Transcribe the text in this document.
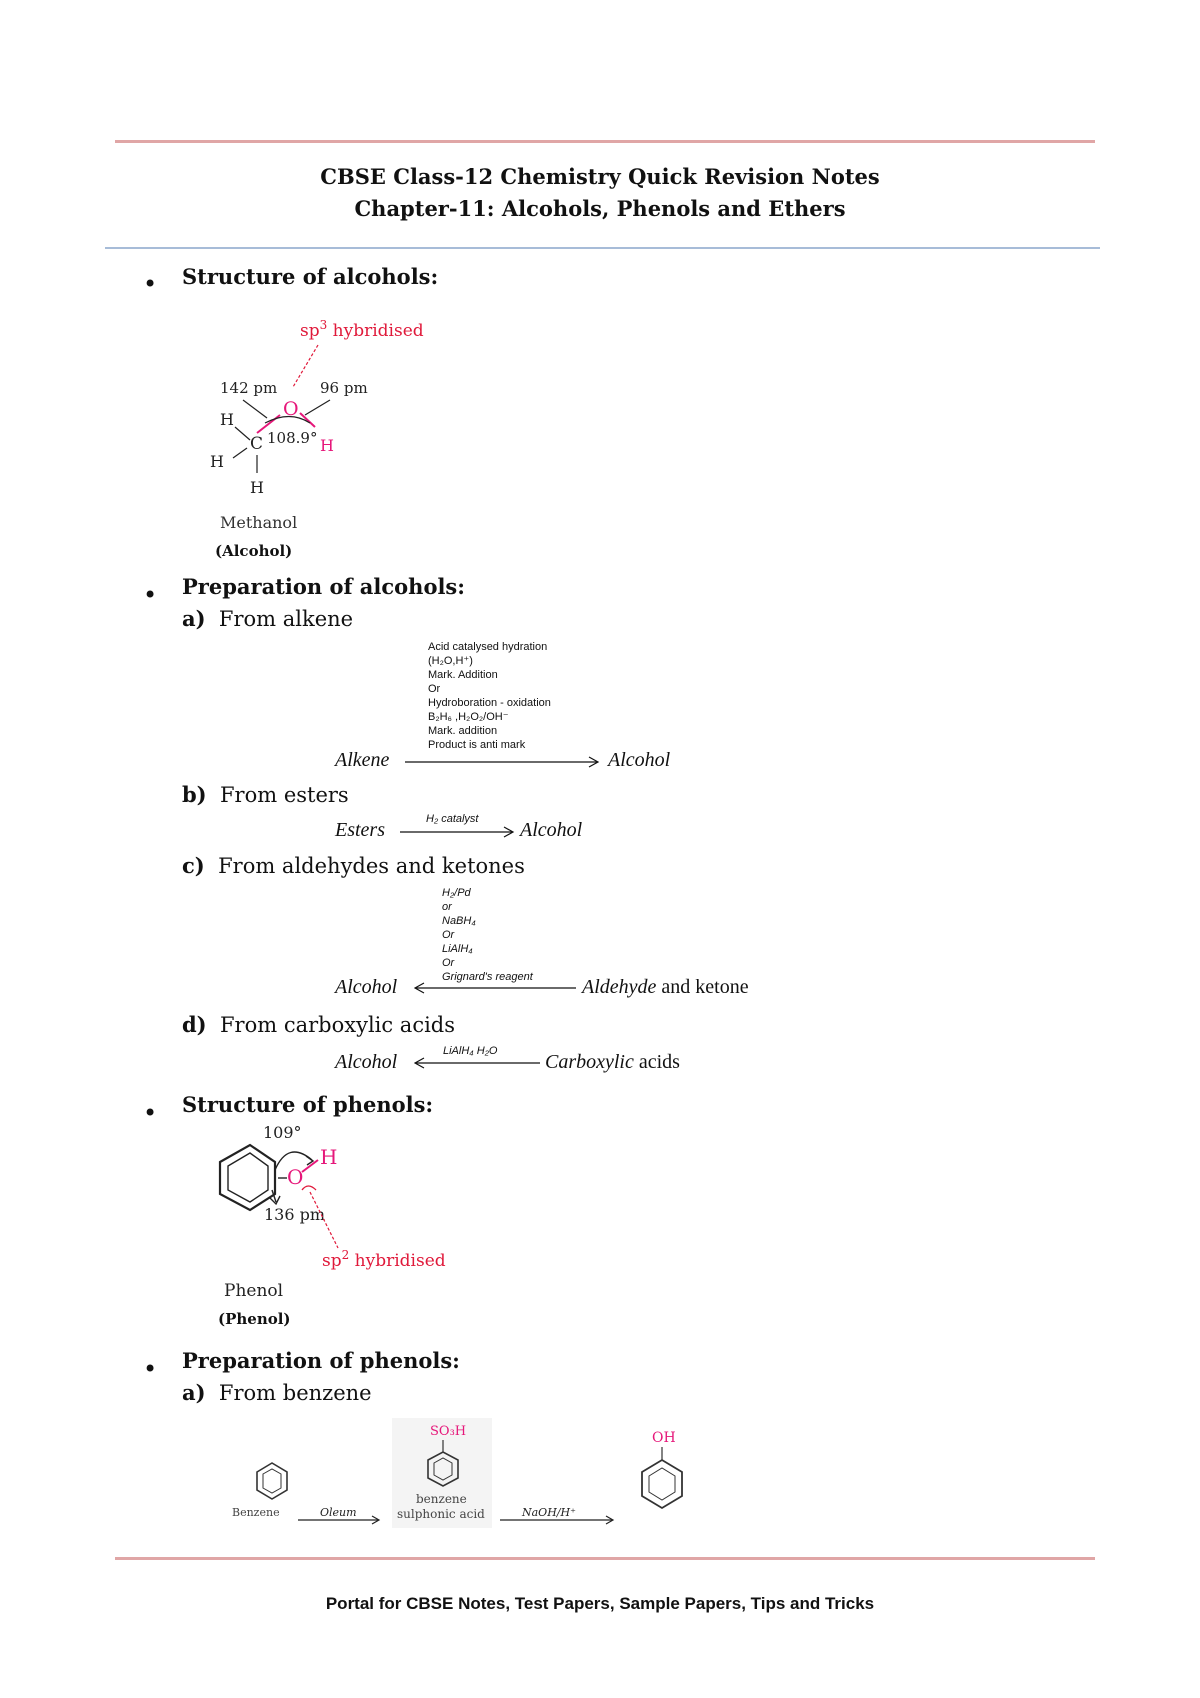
CBSE Class-12 Chemistry Quick Revision Notes
Chapter-11: Alcohols, Phenols and Ethers
• Structure of alcohols:
$sp^3$ hybridised
142 pm	96 pm
O
H
C 108.9° H
H
H
Methanol
(Alcohol)
• Preparation of alcohols:
a) From alkene
Acid catalysed hydration
(H₂O,H⁺)
Mark. Addition
Or
Hydroboration - oxidation
B₂H₆ ,H₂O₂/OH⁻
Mark. addition
Product is anti mark
Alkene	Alcohol
b) From esters
Esters	H₂ catalyst Alcohol
c) From aldehydes and ketones
H₂/Pd
or
NaBH₄
Or
LiAlH₄
Or
Grignard's reagent
Alcohol	Aldehyde and ketone
d) From carboxylic acids
Alcohol	LiAlH₄ H₂O Carboxylic acids
• Structure of phenols:
109°
O
H
136 pm
$sp^2$ hybridised
Phenol
(Phenol)
• Preparation of phenols:
a) From benzene
Benzene	Oleum
SO₃H
benzene
sulphonic acid	NaOH/H⁺
OH
Portal for CBSE Notes, Test Papers, Sample Papers, Tips and Tricks
